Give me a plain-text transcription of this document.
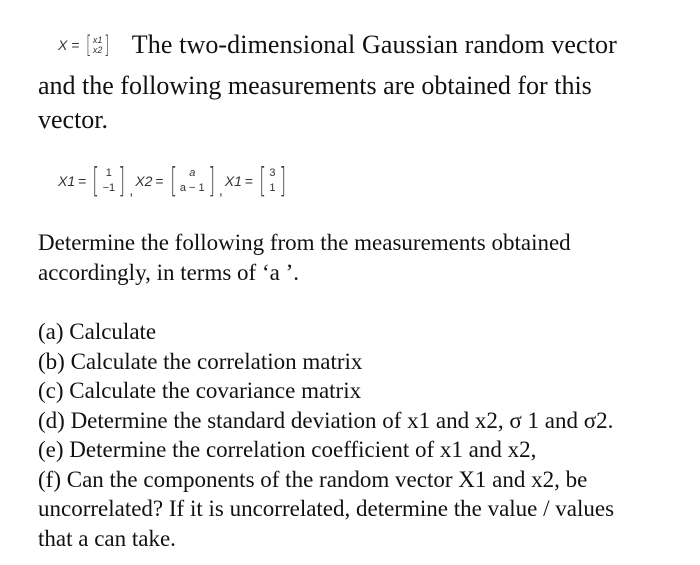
X = [ x1
x2 ] The two-dimensional Gaussian random vector
and the following measurements are obtained for this
vector.
X1 = [ 1
−1 ] ,
X2 = [ a
a − 1 ] ,
X1 = [ 3
1 ]
Determine the following from the measurements obtained
accordingly, in terms of ‘a ’.
(a) Calculate
(b) Calculate the correlation matrix
(c) Calculate the covariance matrix
(d) Determine the standard deviation of x1 and x2, σ 1 and σ2.
(e) Determine the correlation coefficient of x1 and x2,
(f) Can the components of the random vector X1 and x2, be
uncorrelated? If it is uncorrelated, determine the value / values
that a can take.
